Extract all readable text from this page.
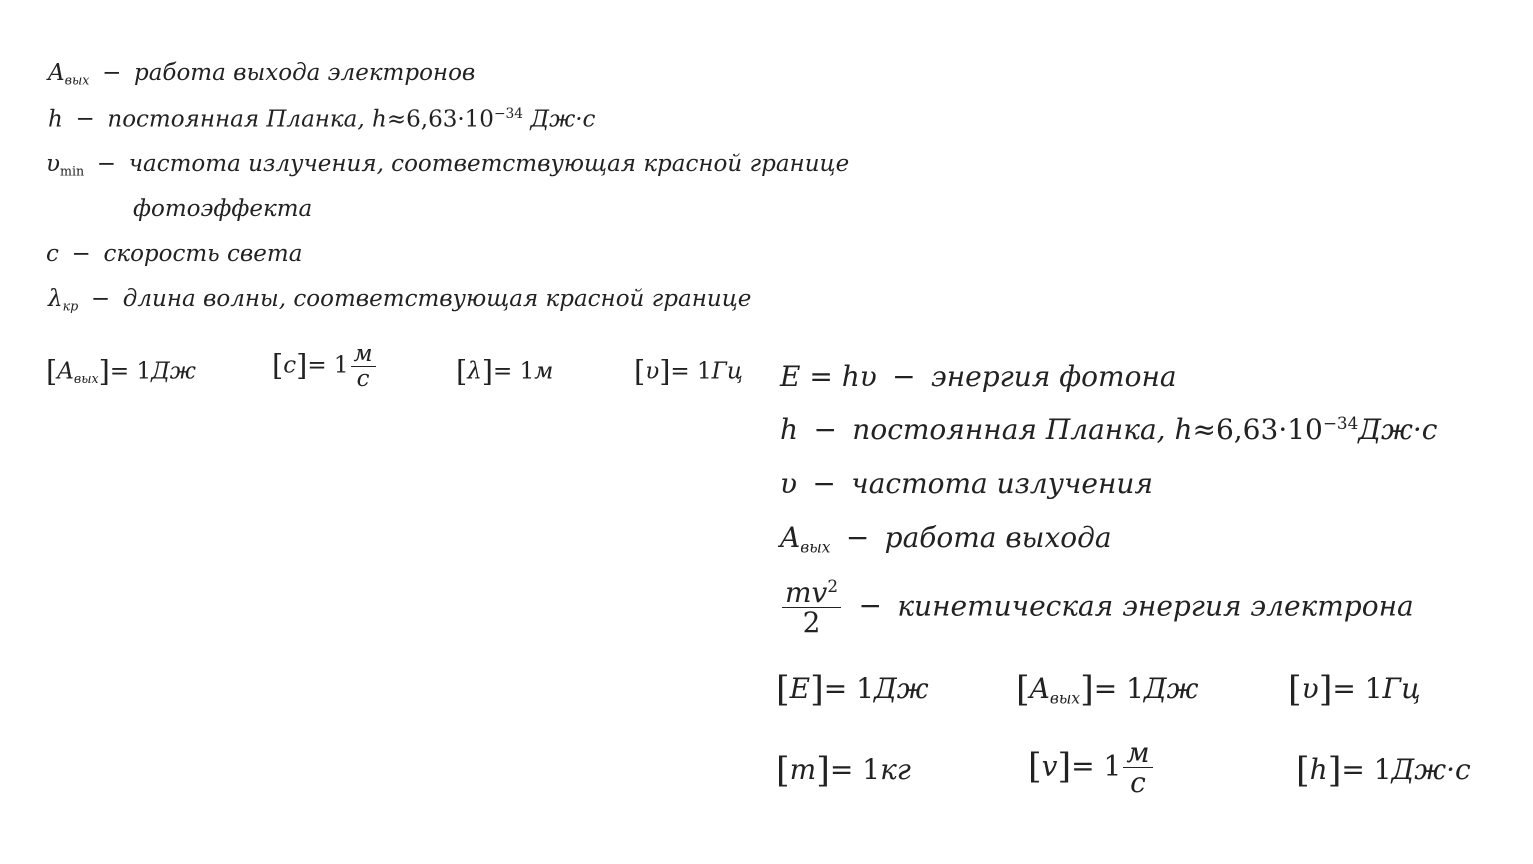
$A_{вых}$ − работа выхода электронов
h − постоянная Планка, $h\approx 6,63\cdot 10^{-34}$ Дж·с
$\upsilon_{min}$ − частота излучения, соответствующая красной границе
фотоэффекта
c − скорость света
$\lambda_{кр}$ − длина волны, соответствующая красной границе
$[A_{вых}]= 1Дж$	$[c]= 1 \frac{м}{с}$	[λ]= 1м	[υ]= 1Гц E = hυ − энергия фотона
h − постоянная Планка, $h\approx 6,63\cdot 10^{-34}Дж\cdot с$
υ − частота излучения
$A_{вых}$ − работа выхода
$\frac{mv^2}{2}$ − кинетическая энергия электрона
[E]= 1Дж $[A_{вых}]= 1Дж$	[υ]= 1Гц
[m]= 1кг	$[v]= 1 \frac{м}{с}$	[h]= 1Дж·с
